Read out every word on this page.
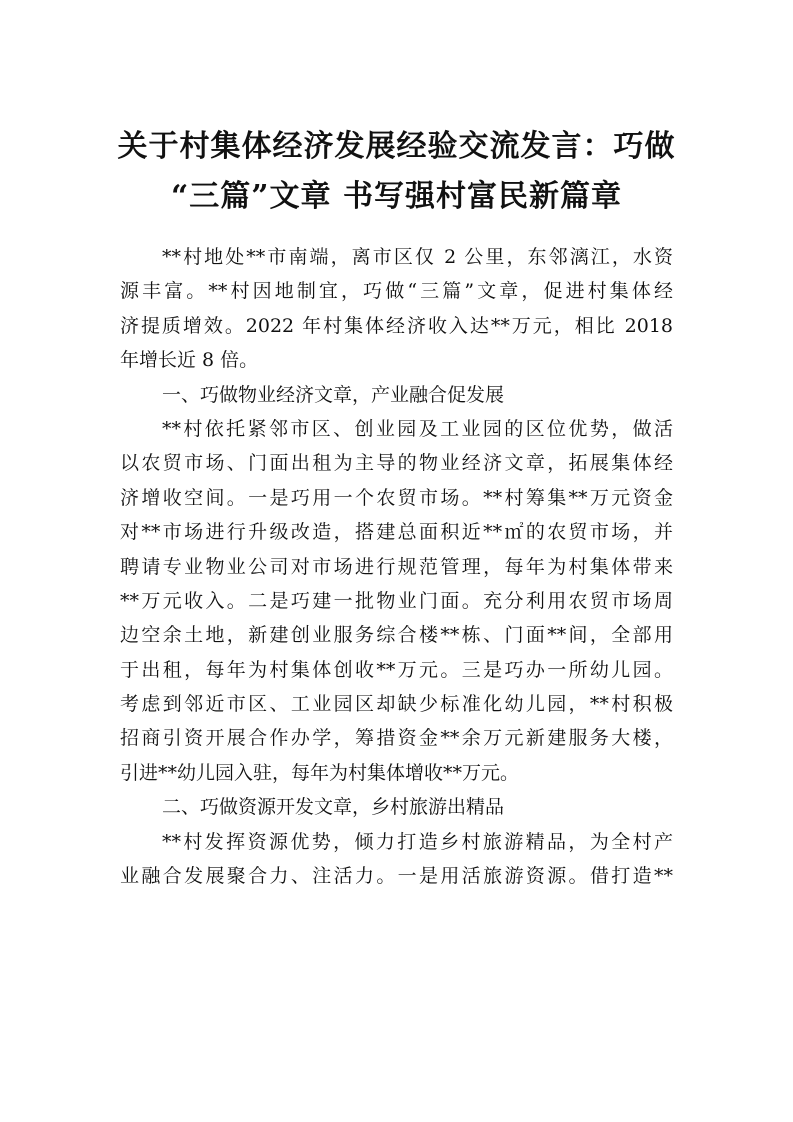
关于村集体经济发展经验交流发言：巧做
“三篇”文章 书写强村富民新篇章

**村地处**市南端，离市区仅 2 公里，东邻漓江，水资
源丰富。**村因地制宜，巧做“三篇”文章，促进村集体经
济提质增效。2022 年村集体经济收入达**万元，相比 2018
年增长近 8 倍。

一、巧做物业经济文章，产业融合促发展

**村依托紧邻市区、创业园及工业园的区位优势，做活
以农贸市场、门面出租为主导的物业经济文章，拓展集体经
济增收空间。一是巧用一个农贸市场。**村筹集**万元资金
对**市场进行升级改造，搭建总面积近**㎡的农贸市场，并
聘请专业物业公司对市场进行规范管理，每年为村集体带来
**万元收入。二是巧建一批物业门面。充分利用农贸市场周
边空余土地，新建创业服务综合楼**栋、门面**间，全部用
于出租，每年为村集体创收**万元。三是巧办一所幼儿园。
考虑到邻近市区、工业园区却缺少标准化幼儿园，**村积极
招商引资开展合作办学，筹措资金**余万元新建服务大楼，
引进**幼儿园入驻，每年为村集体增收**万元。

二、巧做资源开发文章，乡村旅游出精品

**村发挥资源优势，倾力打造乡村旅游精品，为全村产
业融合发展聚合力、注活力。一是用活旅游资源。借打造**
